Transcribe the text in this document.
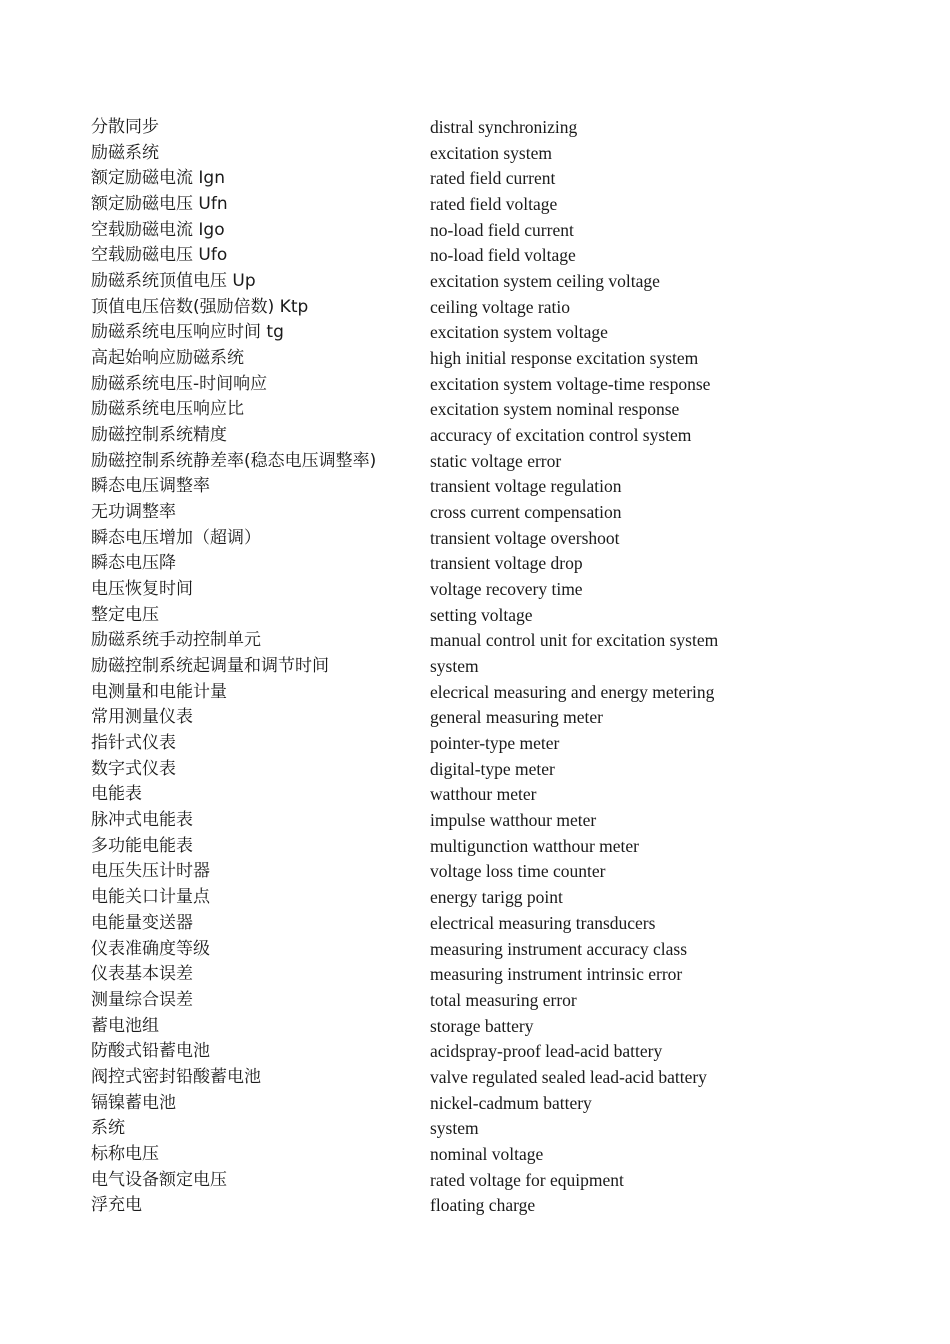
分散同步	distral synchronizing
励磁系统	excitation system
额定励磁电流 Ign	rated field current
额定励磁电压 Ufn	rated field voltage
空载励磁电流 Igo	no-load field current
空载励磁电压 Ufo	no-load field voltage
励磁系统顶值电压 Up	excitation system ceiling voltage
顶值电压倍数(强励倍数) Ktp	ceiling voltage ratio
励磁系统电压响应时间 tg	excitation system voltage
高起始响应励磁系统	high initial response excitation system
励磁系统电压-时间响应	excitation system voltage-time response
励磁系统电压响应比	excitation system nominal response
励磁控制系统精度	accuracy of excitation control system
励磁控制系统静差率(稳态电压调整率)	static voltage error
瞬态电压调整率	transient voltage regulation
无功调整率	cross current compensation
瞬态电压增加（超调）	transient voltage overshoot
瞬态电压降	transient voltage drop
电压恢复时间	voltage recovery time
整定电压	setting voltage
励磁系统手动控制单元	manual control unit for excitation system
励磁控制系统起调量和调节时间	system
电测量和电能计量	elecrical measuring and energy metering
常用测量仪表	general measuring meter
指针式仪表	pointer-type meter
数字式仪表	digital-type meter
电能表	watthour meter
脉冲式电能表	impulse watthour meter
多功能电能表	multigunction watthour meter
电压失压计时器	voltage loss time counter
电能关口计量点	energy tarigg point
电能量变送器	electrical measuring transducers
仪表准确度等级	measuring instrument accuracy class
仪表基本误差	measuring instrument intrinsic error
测量综合误差	total measuring error
蓄电池组	storage battery
防酸式铅蓄电池	acidspray-proof lead-acid battery
阀控式密封铅酸蓄电池	valve regulated sealed lead-acid battery
镉镍蓄电池	nickel-cadmum battery
系统	system
标称电压	nominal voltage
电气设备额定电压	rated voltage for equipment
浮充电	floating charge
